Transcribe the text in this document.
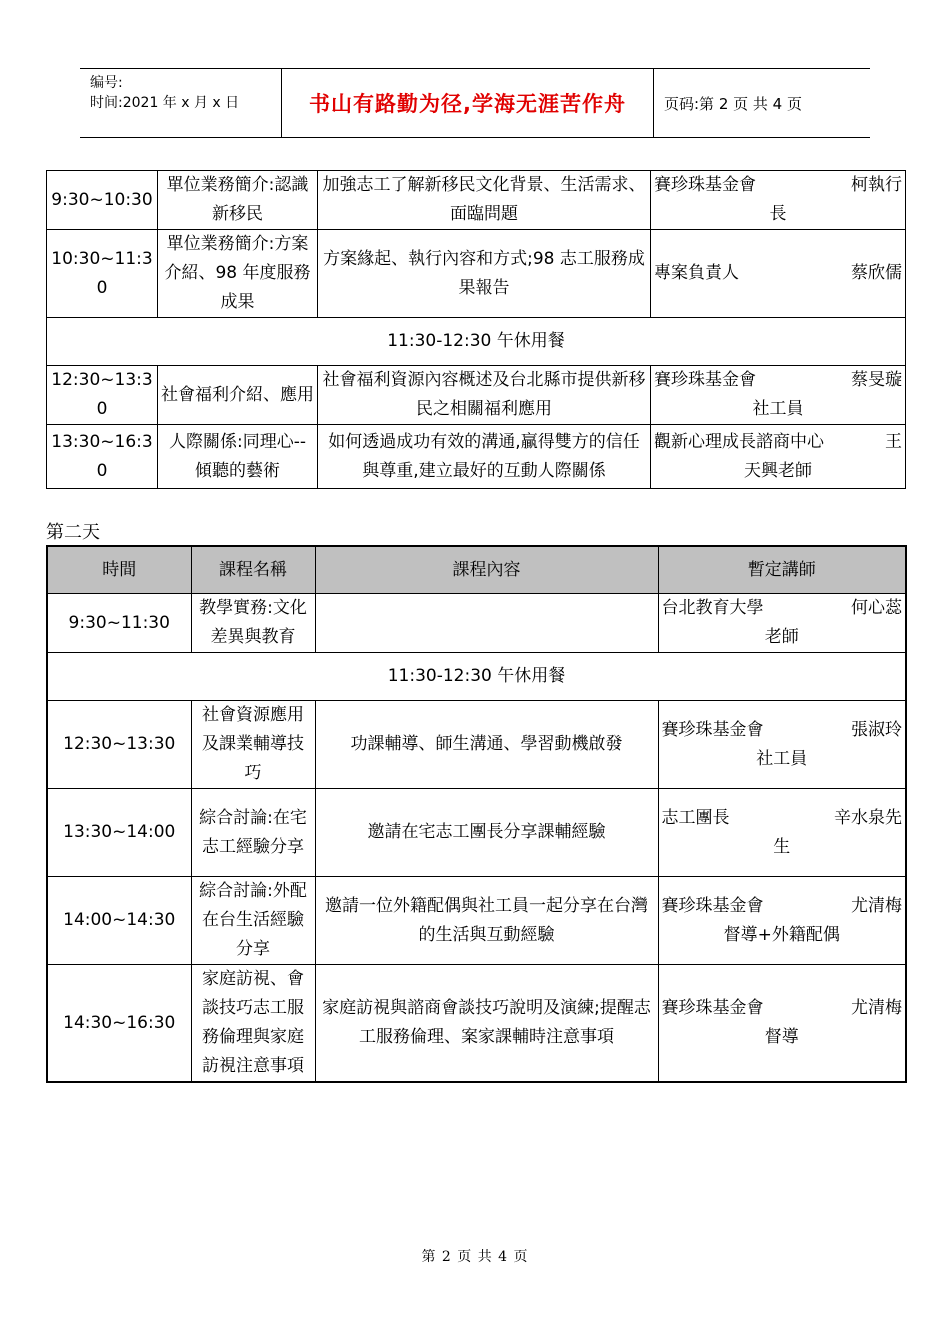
编号:
时间:2021 年 x 月 x 日	书山有路勤为径,学海无涯苦作舟	页码:第 2 页 共 4 页
9:30~10:30	單位業務簡介:認識新移民	加強志工了解新移民文化背景、生活需求、面臨問題	賽珍珠基金會 柯執行
長

10:30~11:30	單位業務簡介:方案介紹、98 年度服務成果	方案緣起、執行內容和方式;98 志工服務成果報告	專案負責人 蔡欣儒

11:30-12:30 午休用餐			
12:30~13:30	社會福利介紹、應用	社會福利資源內容概述及台北縣市提供新移民之相關福利應用	賽珍珠基金會 蔡旻璇
社工員

13:30~16:30	人際關係:同理心--傾聽的藝術	如何透過成功有效的溝通,贏得雙方的信任與尊重,建立最好的互動人際關係	觀新心理成長諮商中心 王
天興老師
第二天
時間	課程名稱	課程內容	暫定講師
9:30~11:30	教學實務:文化差異與教育		台北教育大學 何心蕊
老師

11:30-12:30 午休用餐			
12:30~13:30	社會資源應用及課業輔導技巧	功課輔導、師生溝通、學習動機啟發	賽珍珠基金會 張淑玲
社工員

13:30~14:00	綜合討論:在宅志工經驗分享	邀請在宅志工團長分享課輔經驗	志工團長 辛水泉先
生

14:00~14:30	綜合討論:外配在台生活經驗分享	邀請一位外籍配偶與社工員一起分享在台灣的生活與互動經驗	賽珍珠基金會 尤清梅
督導+外籍配偶

14:30~16:30	家庭訪視、會談技巧志工服務倫理與家庭訪視注意事項	家庭訪視與諮商會談技巧說明及演練;提醒志工服務倫理、案家課輔時注意事項	賽珍珠基金會 尤清梅
督導
第 2 页 共 4 页
